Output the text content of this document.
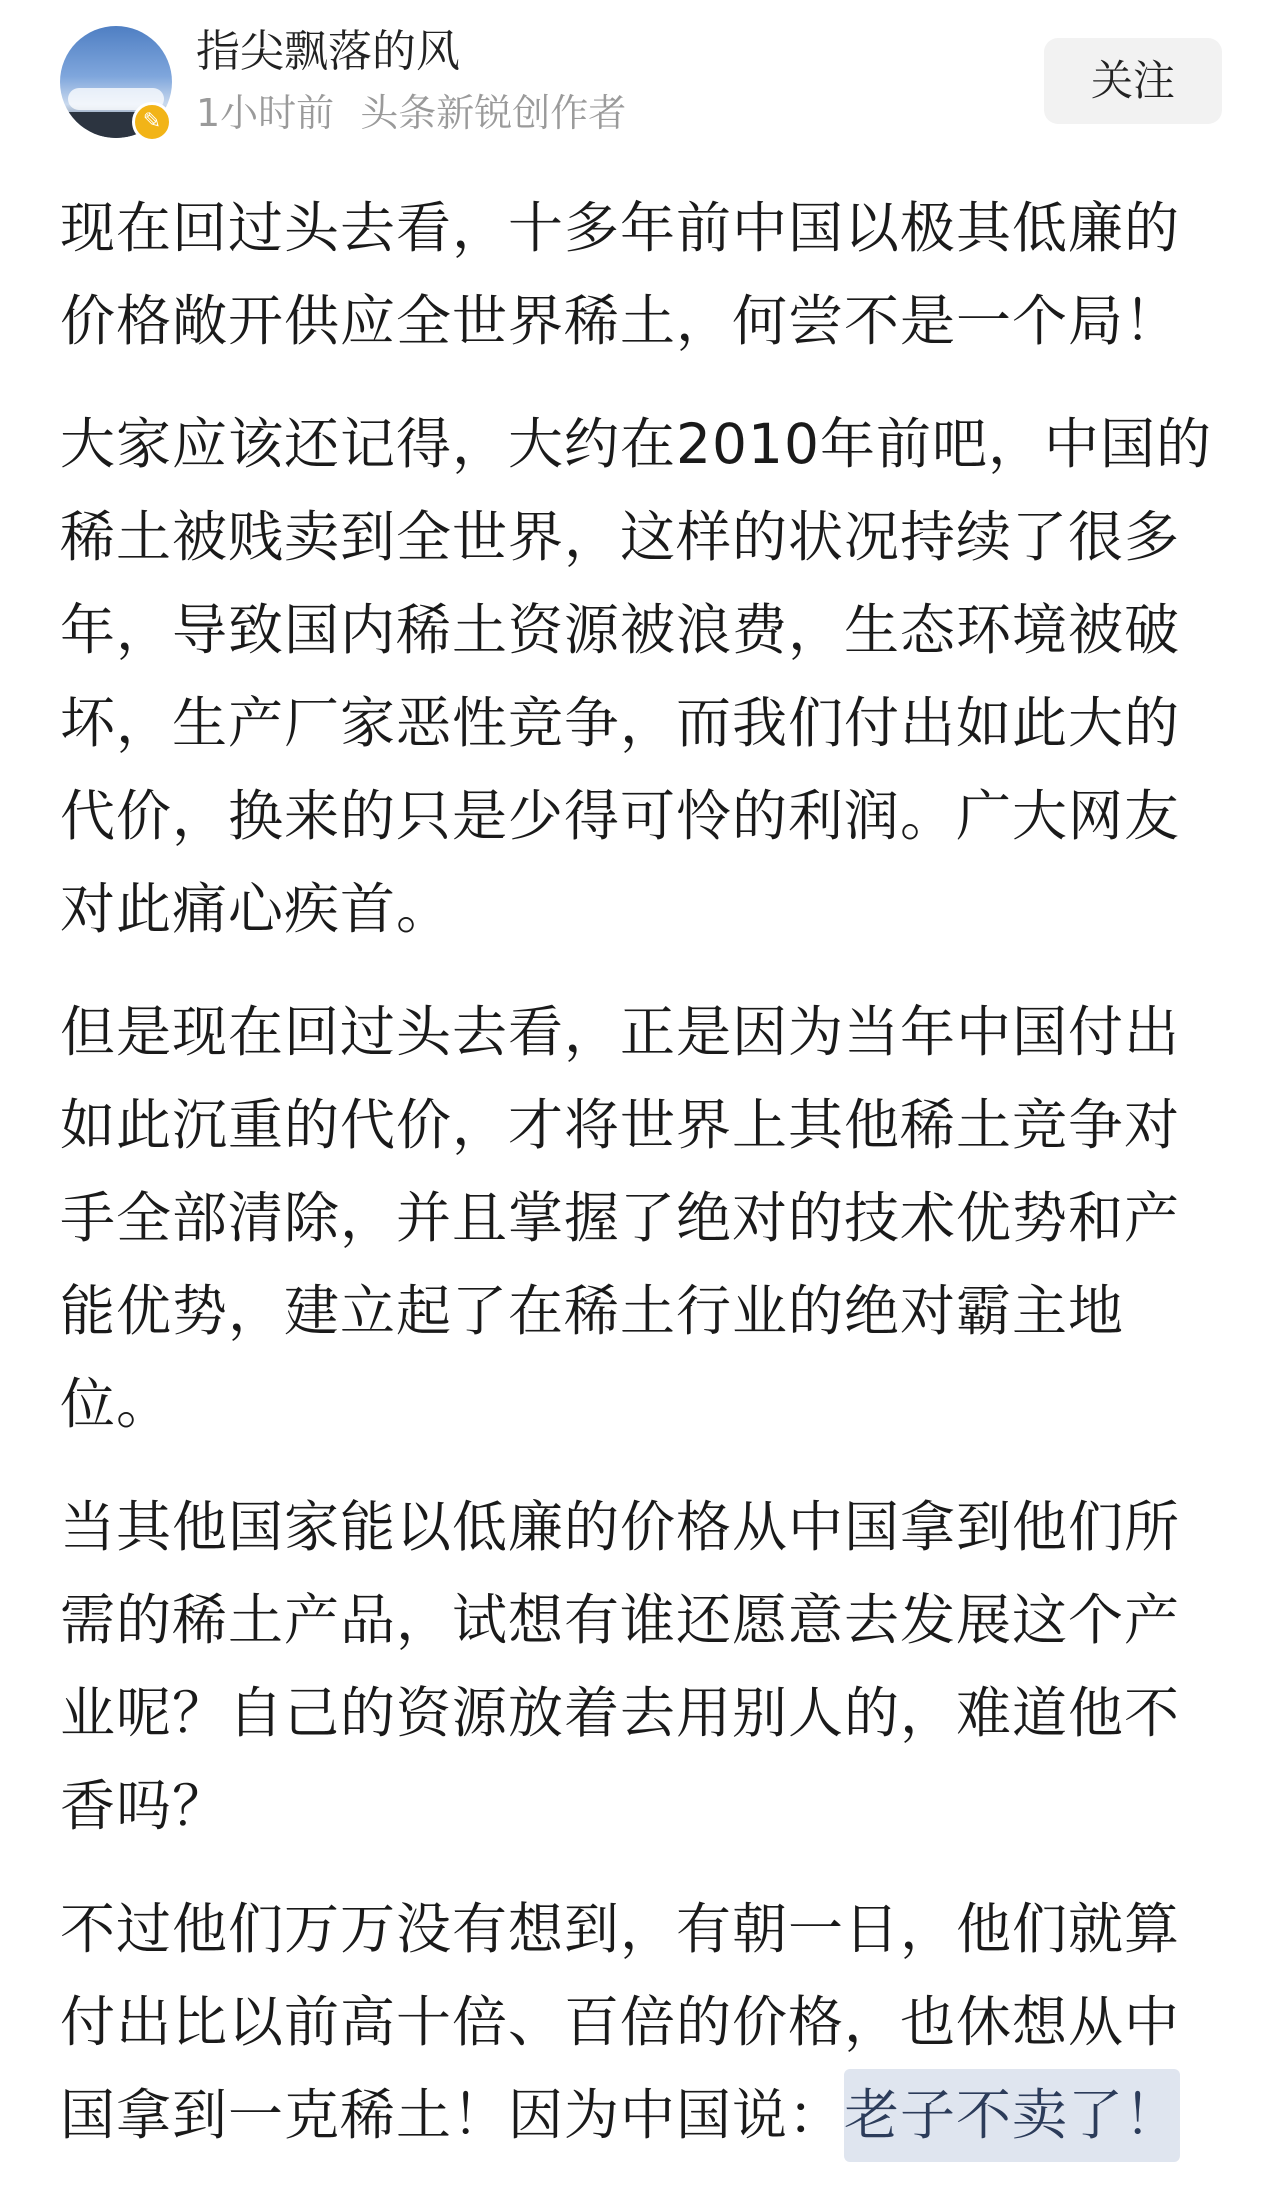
✎
指尖飘落的风
1小时前 头条新锐创作者
关注

现在回过头去看，十多年前中国以极其低廉的价格敞开供应全世界稀土，何尝不是一个局！

大家应该还记得，大约在2010年前吧，中国的稀土被贱卖到全世界，这样的状况持续了很多年，导致国内稀土资源被浪费，生态环境被破坏，生产厂家恶性竞争，而我们付出如此大的代价，换来的只是少得可怜的利润。广大网友对此痛心疾首。

但是现在回过头去看，正是因为当年中国付出如此沉重的代价，才将世界上其他稀土竞争对手全部清除，并且掌握了绝对的技术优势和产能优势，建立起了在稀土行业的绝对霸主地位。

当其他国家能以低廉的价格从中国拿到他们所需的稀土产品，试想有谁还愿意去发展这个产业呢？自己的资源放着去用别人的，难道他不香吗？

不过他们万万没有想到，有朝一日，他们就算付出比以前高十倍、百倍的价格，也休想从中国拿到一克稀土！因为中国说：老子不卖了！
